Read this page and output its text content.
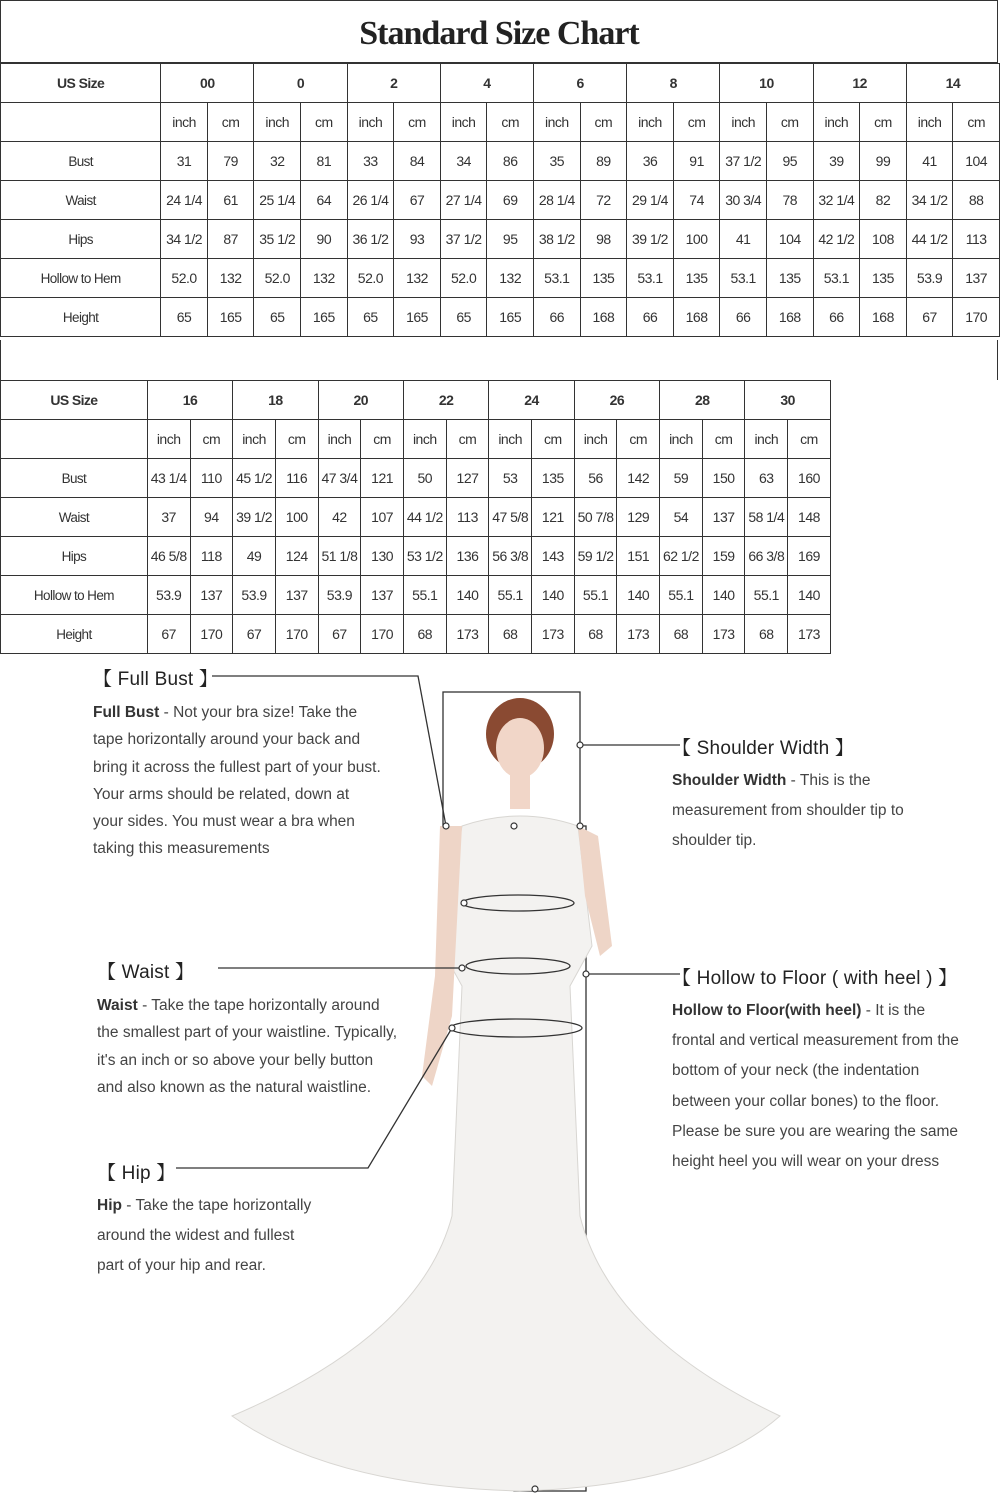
Standard Size Chart
US Size	00		0		2		4		6		8		10		12		14	
	inch	cm	inch	cm	inch	cm	inch	cm	inch	cm	inch	cm	inch	cm	inch	cm	inch	cm
Bust	31	79	32	81	33	84	34	86	35	89	36	91	37 1/2	95	39	99	41	104
Waist	24 1/4	61	25 1/4	64	26 1/4	67	27 1/4	69	28 1/4	72	29 1/4	74	30 3/4	78	32 1/4	82	34 1/2	88
Hips	34 1/2	87	35 1/2	90	36 1/2	93	37 1/2	95	38 1/2	98	39 1/2	100	41	104	42 1/2	108	44 1/2	113
Hollow to Hem	52.0	132	52.0	132	52.0	132	52.0	132	53.1	135	53.1	135	53.1	135	53.1	135	53.9	137
Height	65	165	65	165	65	165	65	165	66	168	66	168	66	168	66	168	67	170
US Size	16		18		20		22		24		26		28		30			
	inch	cm	inch	cm	inch	cm	inch	cm	inch	cm	inch	cm	inch	cm	inch	cm		
Bust	43 1/4	110	45 1/2	116	47 3/4	121	50	127	53	135	56	142	59	150	63	160		
Waist	37	94	39 1/2	100	42	107	44 1/2	113	47 5/8	121	50 7/8	129	54	137	58 1/4	148		
Hips	46 5/8	118	49	124	51 1/8	130	53 1/2	136	56 3/8	143	59 1/2	151	62 1/2	159	66 3/8	169		
Hollow to Hem	53.9	137	53.9	137	53.9	137	55.1	140	55.1	140	55.1	140	55.1	140	55.1	140		
Height	67	170	67	170	67	170	68	173	68	173	68	173	68	173	68	173		
【 Full Bust 】

Full Bust - Not your bra size! Take the

tape horizontally around your back and

bring it across the fullest part of your bust.

Your arms should be related, down at

your sides. You must wear a bra when

taking this measurements

【 Shoulder Width 】

Shoulder Width - This is the

measurement from shoulder tip to

shoulder tip.

【 Waist 】

Waist - Take the tape horizontally around

the smallest part of your waistline. Typically,

it's an inch or so above your belly button

and also known as the natural waistline.

【 Hollow to Floor ( with heel ) 】

Hollow to Floor(with heel) - It is the

frontal and vertical measurement from the

bottom of your neck (the indentation

between your collar bones) to the floor.

Please be sure you are wearing the same

height heel you will wear on your dress

【 Hip 】

Hip - Take the tape horizontally

around the widest and fullest

part of your hip and rear.
